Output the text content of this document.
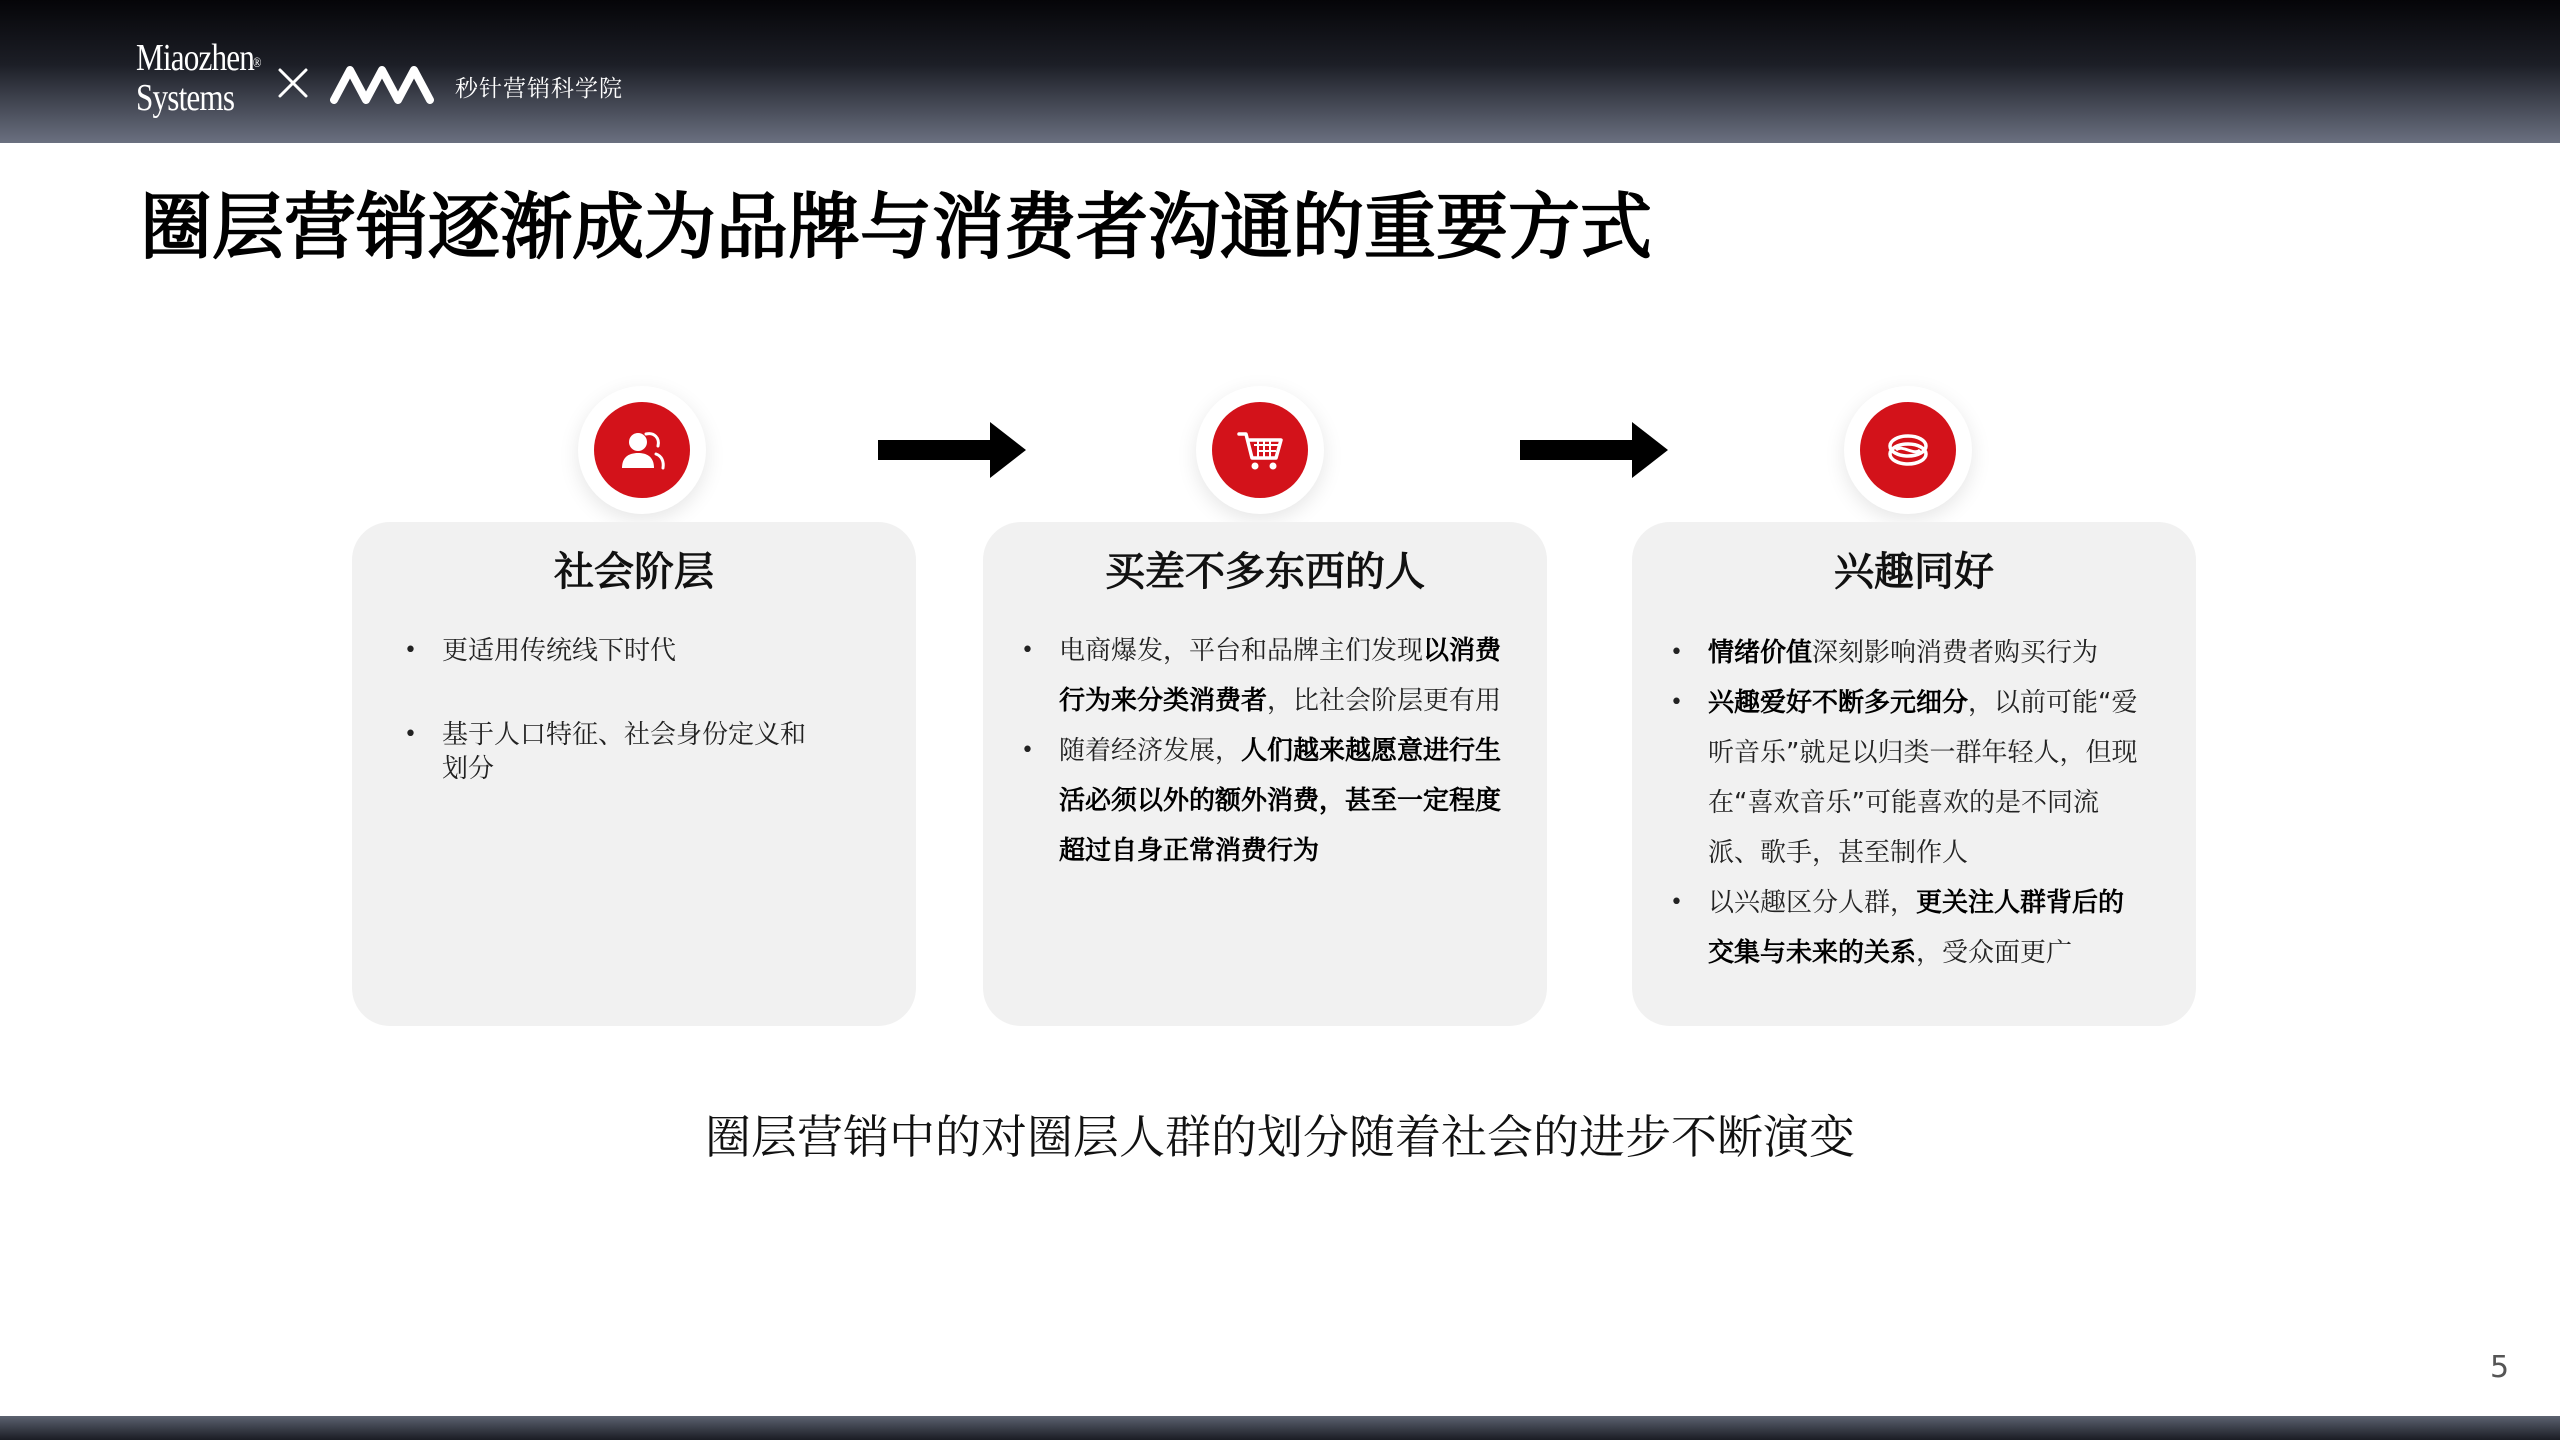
Miaozhen
Systems
®
秒针营销科学院
圈层营销逐渐成为品牌与消费者沟通的重要方式
社会阶层
• 更适用传统线下时代
• 基于人口特征、社会身份定义和划分
买差不多东西的人
• 电商爆发，平台和品牌主们发现以消费行为来分类消费者，比社会阶层更有用
• 随着经济发展，人们越来越愿意进行生活必须以外的额外消费，甚至一定程度超过自身正常消费行为
兴趣同好
• 情绪价值深刻影响消费者购买行为
• 兴趣爱好不断多元细分，以前可能“爱听音乐”就足以归类一群年轻人，但现在“喜欢音乐”可能喜欢的是不同流派、歌手，甚至制作人
• 以兴趣区分人群，更关注人群背后的交集与未来的关系，受众面更广
圈层营销中的对圈层人群的划分随着社会的进步不断演变
5
